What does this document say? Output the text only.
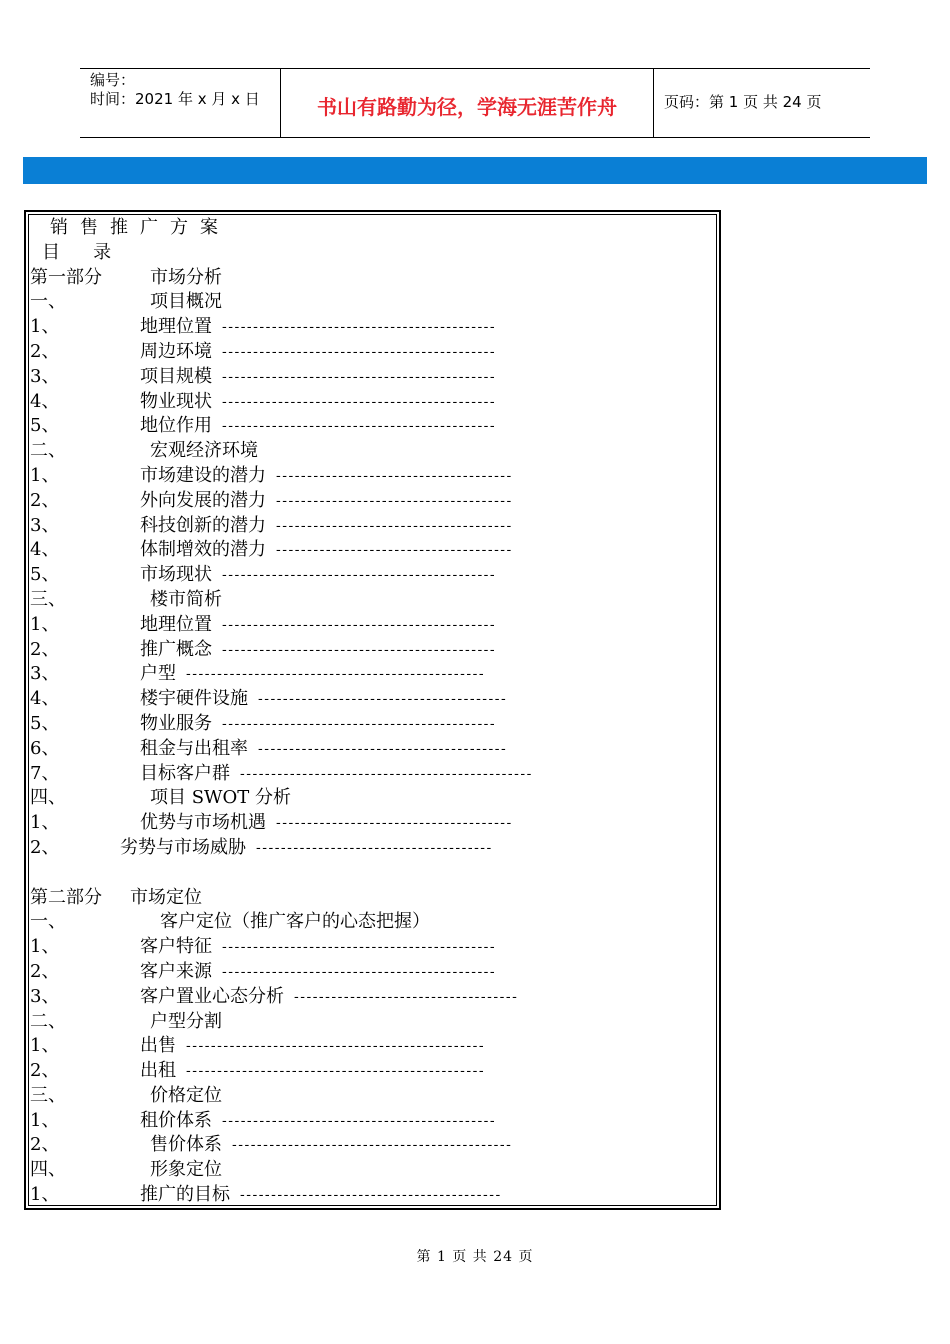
编号：
时间：2021 年 x 月 x 日	书山有路勤为径，学海无涯苦作舟	页码：第 1 页 共 24 页
销售推广方案
目   录
第一部分	市场分析
一、	项目概况
1、	地理位置 --------------------------------------------
2、	周边环境 --------------------------------------------
3、	项目规模 --------------------------------------------
4、	物业现状 --------------------------------------------
5、	地位作用 --------------------------------------------
二、	宏观经济环境
1、	市场建设的潜力 --------------------------------------
2、	外向发展的潜力 --------------------------------------
3、	科技创新的潜力 --------------------------------------
4、	体制增效的潜力 --------------------------------------
5、	市场现状 --------------------------------------------
三、	楼市简析
1、	地理位置 --------------------------------------------
2、	推广概念 --------------------------------------------
3、	户型 ------------------------------------------------
4、	楼宇硬件设施 ----------------------------------------
5、	物业服务 --------------------------------------------
6、	租金与出租率 ----------------------------------------
7、	目标客户群 -----------------------------------------------
四、	项目 SWOT 分析
1、	优势与市场机遇 --------------------------------------
2、	劣势与市场威胁 --------------------------------------
第二部分 市场定位
一、	客户定位（推广客户的心态把握）
1、	客户特征 --------------------------------------------
2、	客户来源 --------------------------------------------
3、	客户置业心态分析 ------------------------------------
二、	户型分割
1、	出售 ------------------------------------------------
2、	出租 ------------------------------------------------
三、	价格定位
1、	租价体系 --------------------------------------------
2、	售价体系 ---------------------------------------------
四、	形象定位
1、	推广的目标 ------------------------------------------
第 1 页 共 24 页
